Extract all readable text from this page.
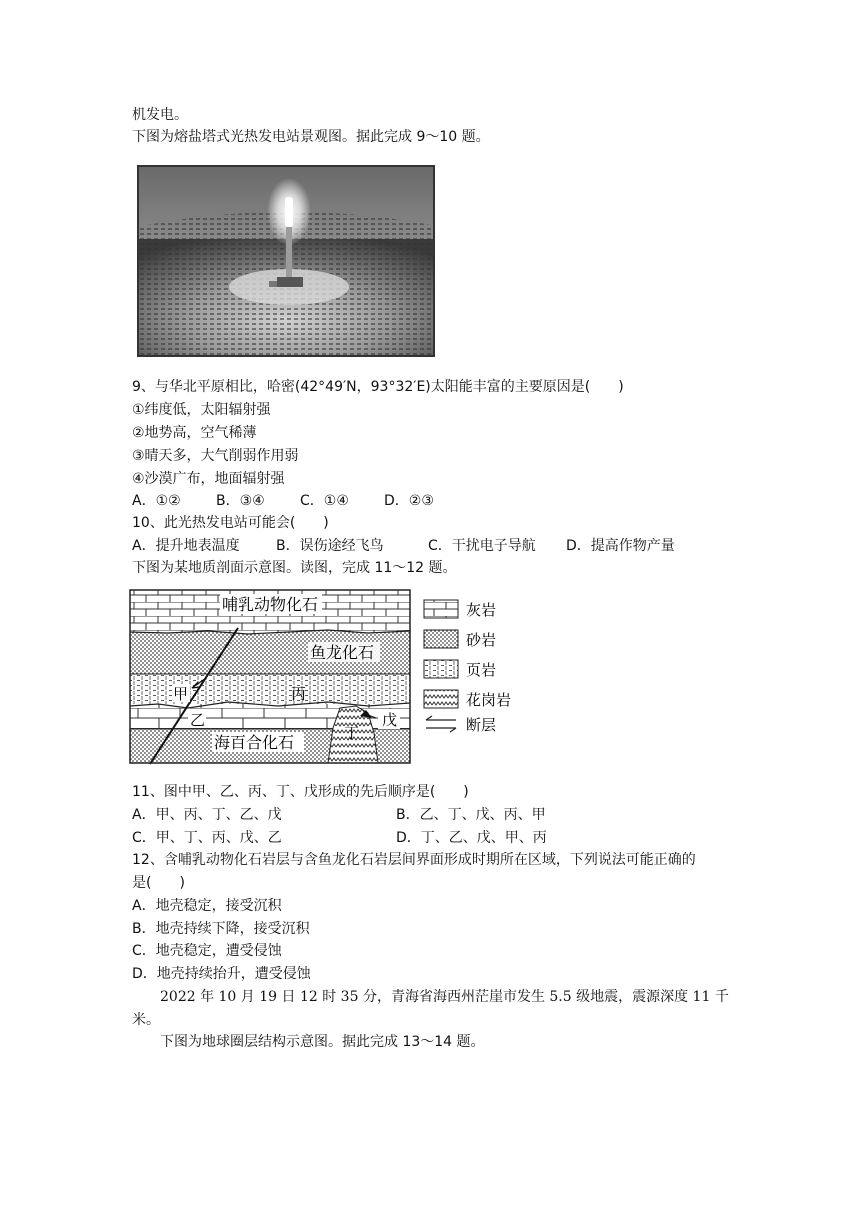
机发电。
下图为熔盐塔式光热发电站景观图。据此完成 9～10 题。
9、与华北平原相比，哈密(42°49′N，93°32′E)太阳能丰富的主要原因是(　　)
①纬度低，太阳辐射强
②地势高，空气稀薄
③晴天多，大气削弱作用弱
④沙漠广布，地面辐射强
A．①②	B．③④	C．①④	D．②③
10、此光热发电站可能会(　　)
A．提升地表温度	B．误伤途经飞鸟	C．干扰电子导航 D．提高作物产量
下图为某地质剖面示意图。读图，完成 11～12 题。
哺乳动物化石
鱼龙化石
甲	丙
乙	戊
丁
海百合化石
灰岩
砂岩
页岩
花岗岩
断层
11、图中甲、乙、丙、丁、戊形成的先后顺序是(　　)
A．甲、丙、丁、乙、戊	B．乙、丁、戊、丙、甲
C．甲、丁、丙、戊、乙	D．丁、乙、戊、甲、丙
12、含哺乳动物化石岩层与含鱼龙化石岩层间界面形成时期所在区域，下列说法可能正确的
是(　　)
A．地壳稳定，接受沉积
B．地壳持续下降，接受沉积
C．地壳稳定，遭受侵蚀
D．地壳持续抬升，遭受侵蚀
2022 年 10 月 19 日 12 时 35 分，青海省海西州茫崖市发生 5.5 级地震，震源深度 11 千
米。
下图为地球圈层结构示意图。据此完成 13～14 题。
